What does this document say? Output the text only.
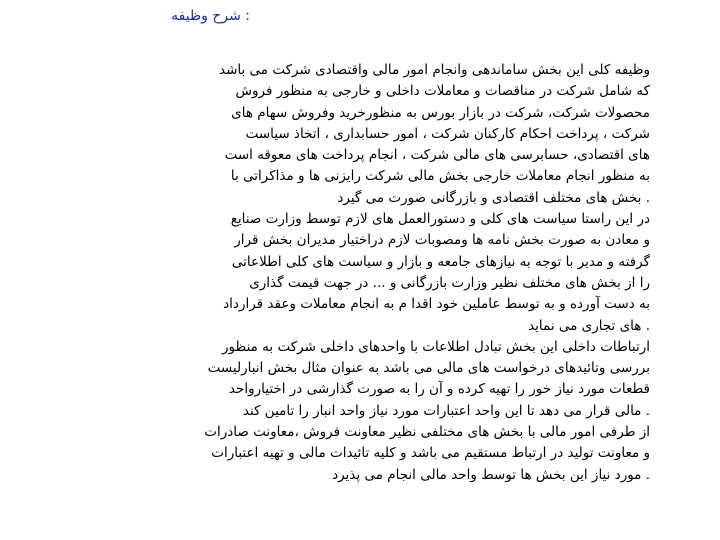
: شرح وظیفه
وظیفه کلی این بخش ساماندهی وانجام امور مالی واقتصادی شرکت می باشد
که شامل شرکت در مناقصات و معاملات داخلی و خارجی به منظور فروش
محصولات شرکت، شرکت در بازار بورس به منظورخرید وفروش سهام های
شرکت ، پرداخت احکام کارکنان شرکت ، امور حسابداری ، اتخاذ سیاست
های اقتصادی، حسابرسی های مالی شرکت ، انجام پرداخت های معوقه است
به منظور انجام معاملات خارجی بخش مالی شرکت رایزنی ها و مذاکراتی با
. بخش های مختلف اقتصادی و بازرگانی صورت می گیرد
در این راستا سیاست های کلی و دستورالعمل های لازم توسط وزارت صنایع
و معادن به صورت بخش نامه ها ومصوبات لازم دراختیار مدیران بخش قرار
گرفته و مدیر با توجه به نیازهای جامعه و بازار و سیاست های کلی اطلاعاتی
را از بخش های مختلف نظیر وزارت بازرگانی و ... در جهت قیمت گذاری
به دست آورده و به توسط عاملین خود اقدا م به انجام معاملات وعقد قرارداد
. های تجاری می نماید
ارتباطات داخلی این بخش تبادل اطلاعات با واحدهای داخلی شرکت به منظور
بررسی وتائیدهای درخواست های مالی می باشد به عنوان مثال بخش انبارلیست
قطعات مورد نیاز خور را تهیه کرده و آن را به صورت گذارشی در اختیارواحد
. مالی قرار می دهد تا این واحد اعتبارات مورد نیاز واحد انبار را تامین کند
از طرفی امور مالی با بخش های مختلفی نظیر معاونت فروش ،معاونت صادرات
و معاونت تولید در ارتباط مستقیم می باشد و کلیه تائیدات مالی و تهیه اعتبارات
. مورد نیاز این بخش ها توسط واحد مالی انجام می پذیرد
